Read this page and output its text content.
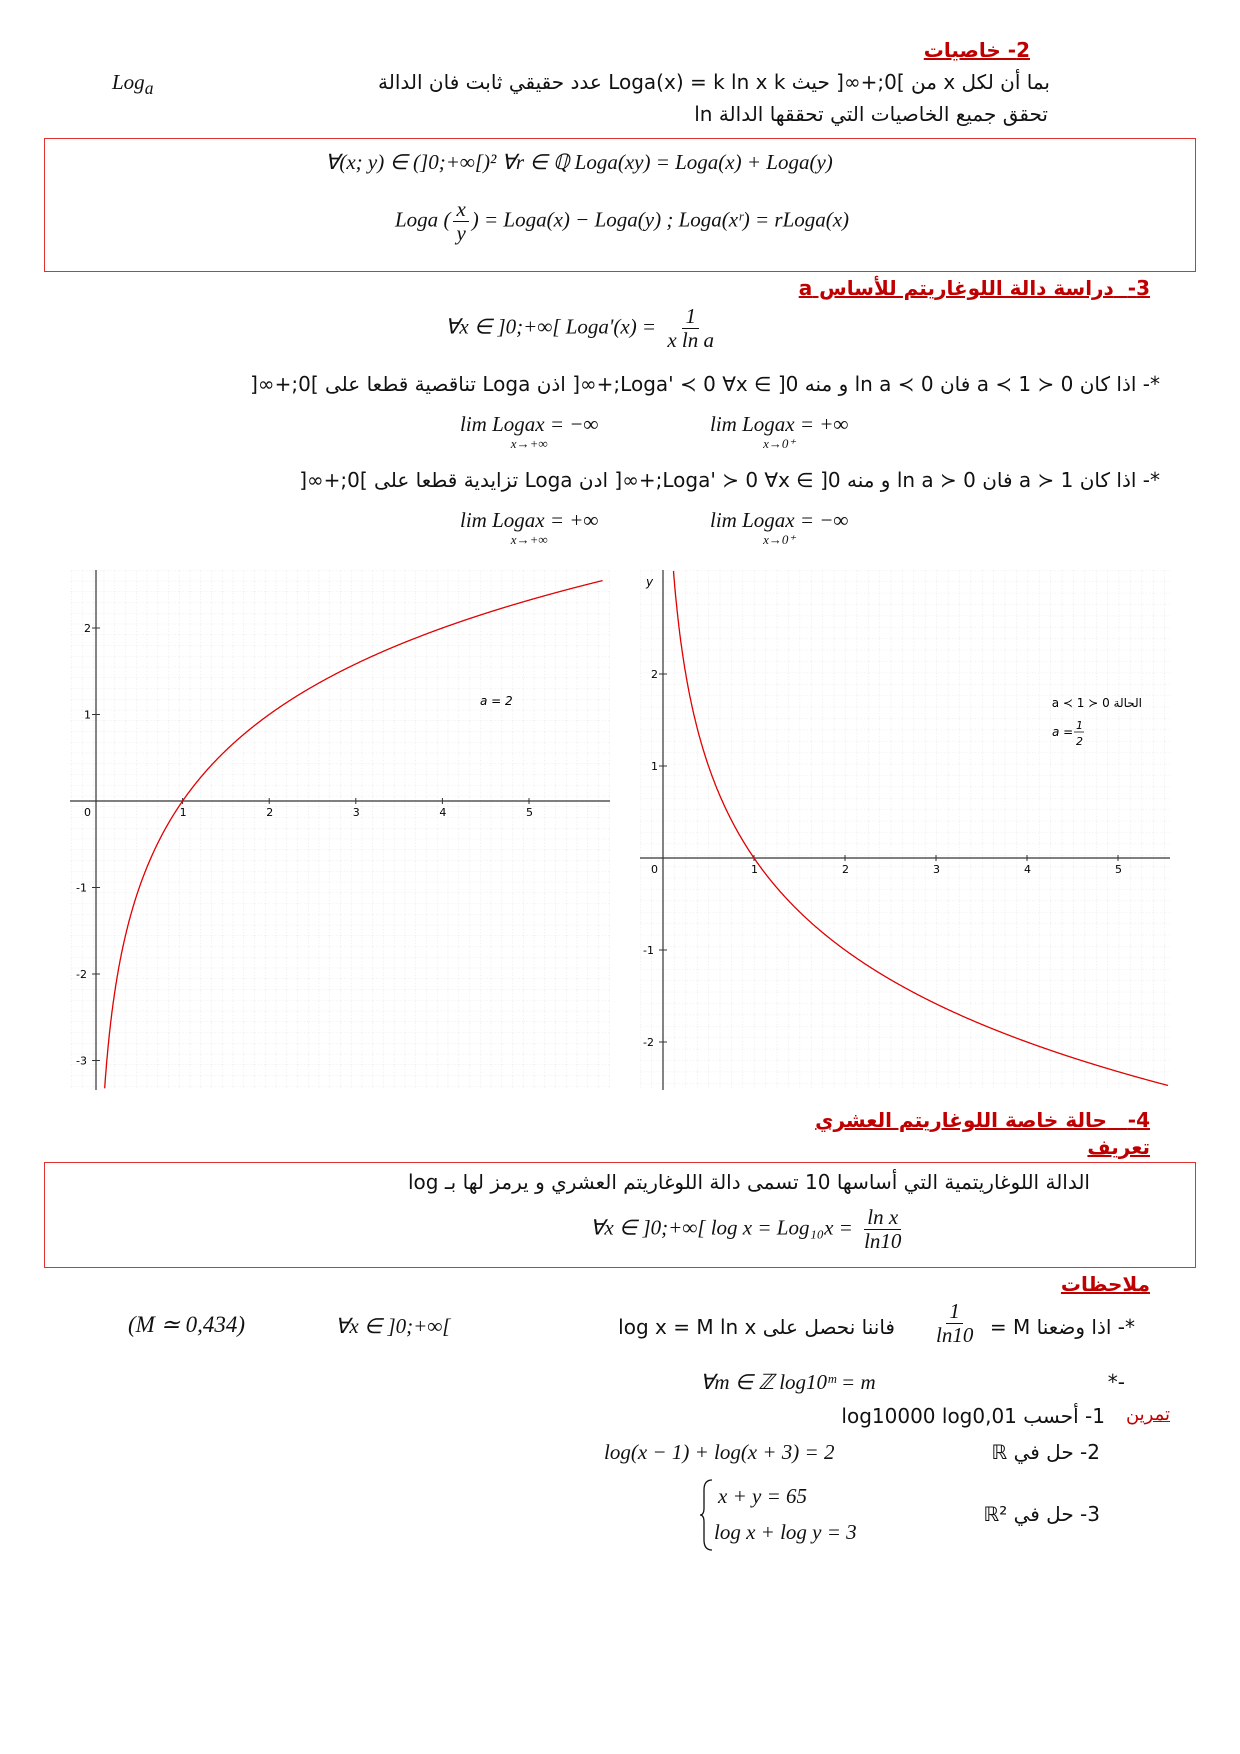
2- خاصيات
بما أن لكل x من ]0;+∞[ حيث Loga(x) = k ln x k عدد حقيقي ثابت فان الدالة
Log$_a$
تحقق جميع الخاصيات التي تحققها الدالة ln
∀(x; y) ∈ (]0;+∞[)² ∀r ∈ ℚ Loga(xy) = Loga(x) + Loga(y)
Loga ( $\frac{x}{y}$ ) = Loga(x) − Loga(y) ; Loga(xʳ) = rLoga(x)
3-  دراسة دالة اللوغاريتم للأساس a
∀x ∈ ]0;+∞[ Loga'(x) = $\frac{1}{\text{x ln a}}$
*- اذا كان 0 ≺ a ≺ 1 فان ln a ≺ 0 و منه Loga' ≺ 0 ∀x ∈ ]0;+∞[ اذن Loga تناقصية قطعا على ]0;+∞[
lim Logax = −∞
x→+∞
lim Logax = +∞
x→0⁺
*- اذا كان a ≻ 1 فان ln a ≻ 0 و منه Loga' ≻ 0 ∀x ∈ ]0;+∞[ ادن Loga تزايدية قطعا على ]0;+∞[
lim Logax = +∞
x→+∞
lim Logax = −∞
x→0⁺
0	1	2	3	4	5
2
1
-1
-2
-3
a = 2
y
0	1	2	3	4	5
2
1
-1
-2
الحالة 0 ≺ a ≺ 1
a = 1
2
4-   حالة خاصة اللوغاريتم العشري
تعريف
الدالة اللوغاريتمية التي أساسها 10 تسمى دالة اللوغاريتم العشري و يرمز لها بـ log
∀x ∈ ]0;+∞[ $\log x = Log_{10}x = \frac{\text{ln x}}{\ln 10}$
ملاحظات
*- اذا وضعنا M =
$\frac{1}{\ln 10}$
فاننا نحصل على log x = M ln x
∀x ∈ ]0;+∞[
(M ≃ 0,434)
*-
∀m ∈ ℤ log10ᵐ = m
تمرين
1- أحسب log10000 log0,01
2- حل في ℝ
log(x − 1) + log(x + 3) = 2
3- حل في ℝ²
x + y = 65
log x + log y = 3
